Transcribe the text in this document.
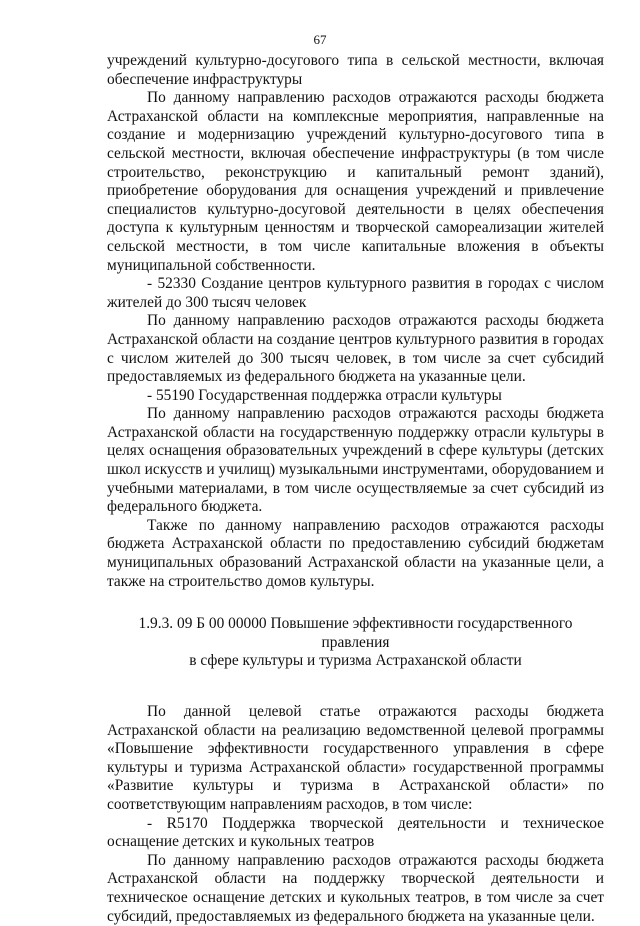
67

учреждений культурно-досугового типа в сельской местности, включая обеспечение инфраструктуры

По данному направлению расходов отражаются расходы бюджета Астраханской области на комплексные мероприятия, направленные на создание и модернизацию учреждений культурно-досугового типа в сельской местности, включая обеспечение инфраструктуры (в том числе строительство, реконструкцию и капитальный ремонт зданий), приобретение оборудования для оснащения учреждений и привлечение специалистов культурно-досуговой деятельности в целях обеспечения доступа к культурным ценностям и творческой самореализации жителей сельской местности, в том числе капитальные вложения в объекты муниципальной собственности.

- 52330 Создание центров культурного развития в городах с числом жителей до 300 тысяч человек

По данному направлению расходов отражаются расходы бюджета Астраханской области на создание центров культурного развития в городах с числом жителей до 300 тысяч человек, в том числе за счет субсидий предоставляемых из федерального бюджета на указанные цели.

- 55190 Государственная поддержка отрасли культуры

По данному направлению расходов отражаются расходы бюджета Астраханской области на государственную поддержку отрасли культуры в целях оснащения образовательных учреждений в сфере культуры (детских школ искусств и училищ) музыкальными инструментами, оборудованием и учебными материалами, в том числе осуществляемые за счет субсидий из федерального бюджета.

Также по данному направлению расходов отражаются расходы бюджета Астраханской области по предоставлению субсидий бюджетам муниципальных образований Астраханской области на указанные цели, а также на строительство домов культуры.

1.9.3. 09 Б 00 00000 Повышение эффективности государственного правления
в сфере культуры и туризма Астраханской области

По данной целевой статье отражаются расходы бюджета Астраханской области на реализацию ведомственной целевой программы «Повышение эффективности государственного управления в сфере культуры и туризма Астраханской области» государственной программы «Развитие культуры и туризма в Астраханской области» по соответствующим направлениям расходов, в том числе:

- R5170 Поддержка творческой деятельности и техническое оснащение детских и кукольных театров

По данному направлению расходов отражаются расходы бюджета Астраханской области на поддержку творческой деятельности и техническое оснащение детских и кукольных театров, в том числе за счет субсидий, предоставляемых из федерального бюджета на указанные цели.
